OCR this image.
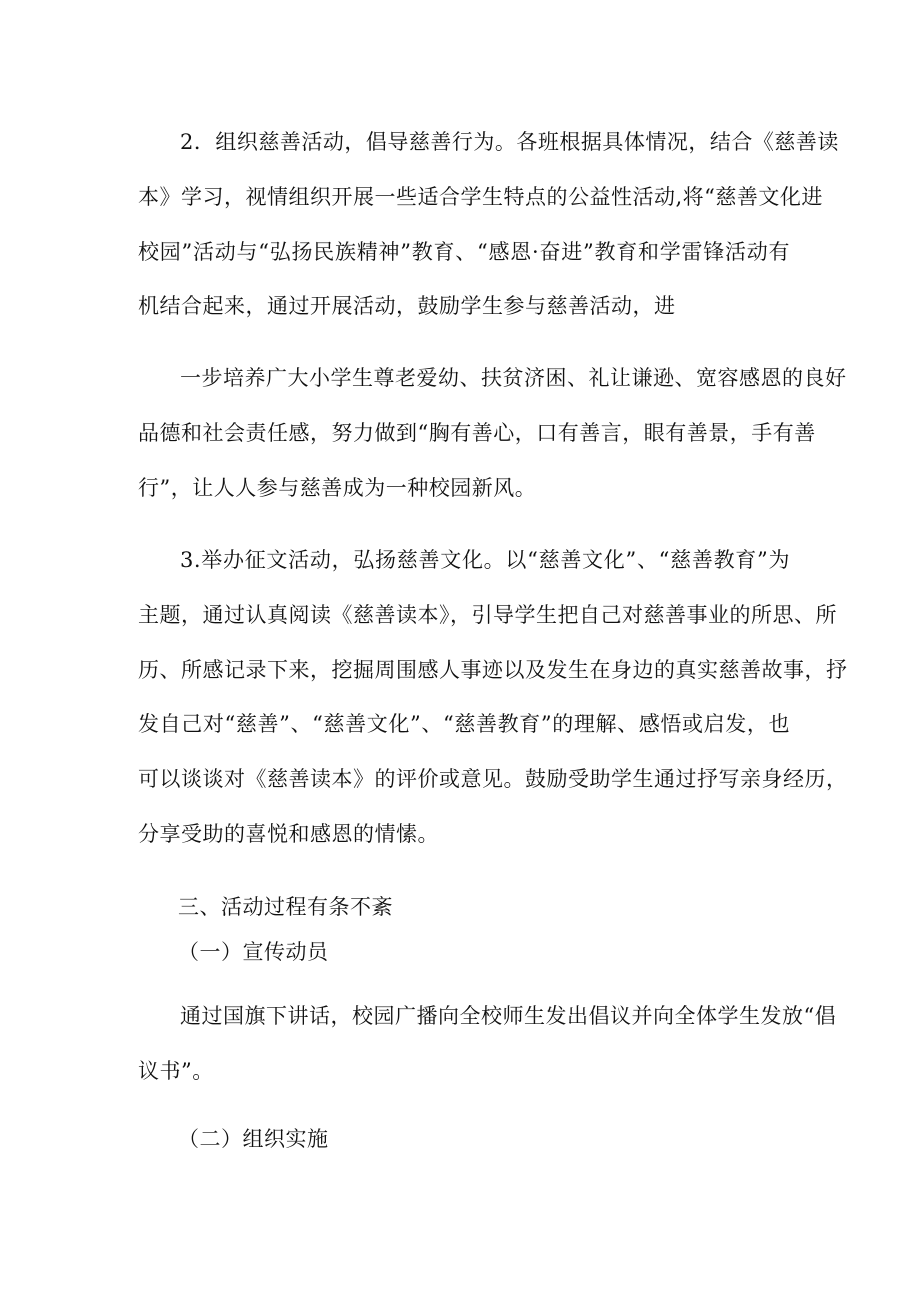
2．组织慈善活动，倡导慈善行为。各班根据具体情况，结合《慈善读
本》学习，视情组织开展一些适合学生特点的公益性活动,将“慈善文化进
校园”活动与“弘扬民族精神”教育、“感恩·奋进”教育和学雷锋活动有
机结合起来，通过开展活动，鼓励学生参与慈善活动，进
一步培养广大小学生尊老爱幼、扶贫济困、礼让谦逊、宽容感恩的良好
品德和社会责任感，努力做到“胸有善心，口有善言，眼有善景，手有善
行”，让人人参与慈善成为一种校园新风。
3.举办征文活动，弘扬慈善文化。以“慈善文化”、“慈善教育”为
主题，通过认真阅读《慈善读本》，引导学生把自己对慈善事业的所思、所
历、所感记录下来，挖掘周围感人事迹以及发生在身边的真实慈善故事，抒
发自己对“慈善”、“慈善文化”、“慈善教育”的理解、感悟或启发，也
可以谈谈对《慈善读本》的评价或意见。鼓励受助学生通过抒写亲身经历，
分享受助的喜悦和感恩的情愫。
三、活动过程有条不紊
（一）宣传动员
通过国旗下讲话，校园广播向全校师生发出倡议并向全体学生发放“倡
议书”。
（二）组织实施
